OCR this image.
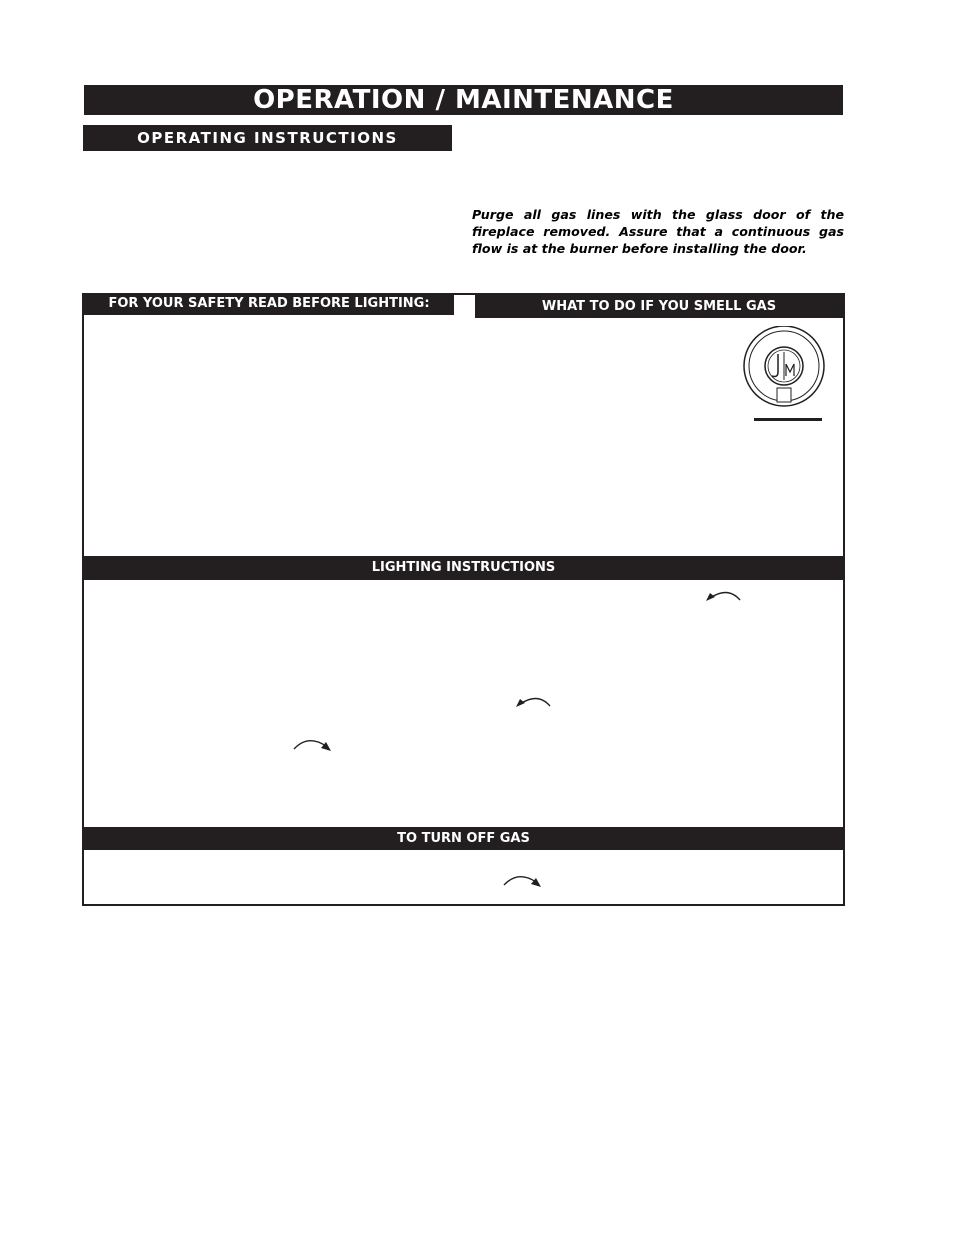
OPERATION / MAINTENANCE
OPERATING INSTRUCTIONS
Purge all gas lines with the glass door of the fireplace removed. Assure that a continuous gas flow is at the burner before installing the door.
FOR YOUR SAFETY READ BEFORE LIGHTING:	WHAT TO DO IF YOU SMELL GAS
LIGHTING INSTRUCTIONS
TO TURN OFF GAS
